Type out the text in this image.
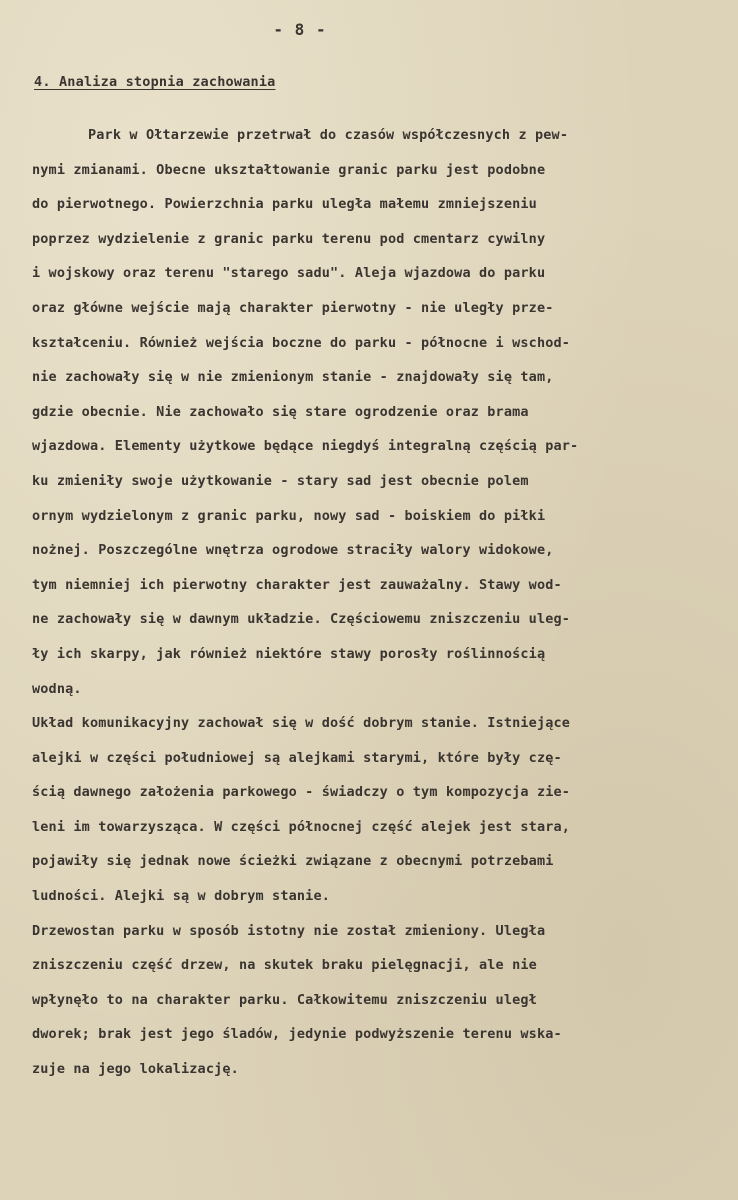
- 8 -
4. Analiza stopnia zachowania
Park w Ołtarzewie przetrwał do czasów współczesnych z pew-
nymi zmianami. Obecne ukształtowanie granic parku jest podobne
do pierwotnego. Powierzchnia parku uległa małemu zmniejszeniu
poprzez wydzielenie z granic parku terenu pod cmentarz cywilny
i wojskowy oraz terenu "starego sadu". Aleja wjazdowa do parku
oraz główne wejście mają charakter pierwotny - nie uległy prze-
kształceniu. Również wejścia boczne do parku - północne i wschod-
nie zachowały się w nie zmienionym stanie - znajdowały się tam,
gdzie obecnie. Nie zachowało się stare ogrodzenie oraz brama
wjazdowa. Elementy użytkowe będące niegdyś integralną częścią par-
ku zmieniły swoje użytkowanie - stary sad jest obecnie polem
ornym wydzielonym z granic parku, nowy sad - boiskiem do piłki
nożnej. Poszczególne wnętrza ogrodowe straciły walory widokowe,
tym niemniej ich pierwotny charakter jest zauważalny. Stawy wod-
ne zachowały się w dawnym układzie. Częściowemu zniszczeniu uleg-
ły ich skarpy, jak również niektóre stawy porosły roślinnością
wodną.
Układ komunikacyjny zachował się w dość dobrym stanie. Istniejące
alejki w części południowej są alejkami starymi, które były czę-
ścią dawnego założenia parkowego - świadczy o tym kompozycja zie-
leni im towarzysząca. W części północnej część alejek jest stara,
pojawiły się jednak nowe ścieżki związane z obecnymi potrzebami
ludności. Alejki są w dobrym stanie.
Drzewostan parku w sposób istotny nie został zmieniony. Uległa
zniszczeniu część drzew, na skutek braku pielęgnacji, ale nie
wpłynęło to na charakter parku. Całkowitemu zniszczeniu uległ
dworek; brak jest jego śladów, jedynie podwyższenie terenu wska-
zuje na jego lokalizację.
